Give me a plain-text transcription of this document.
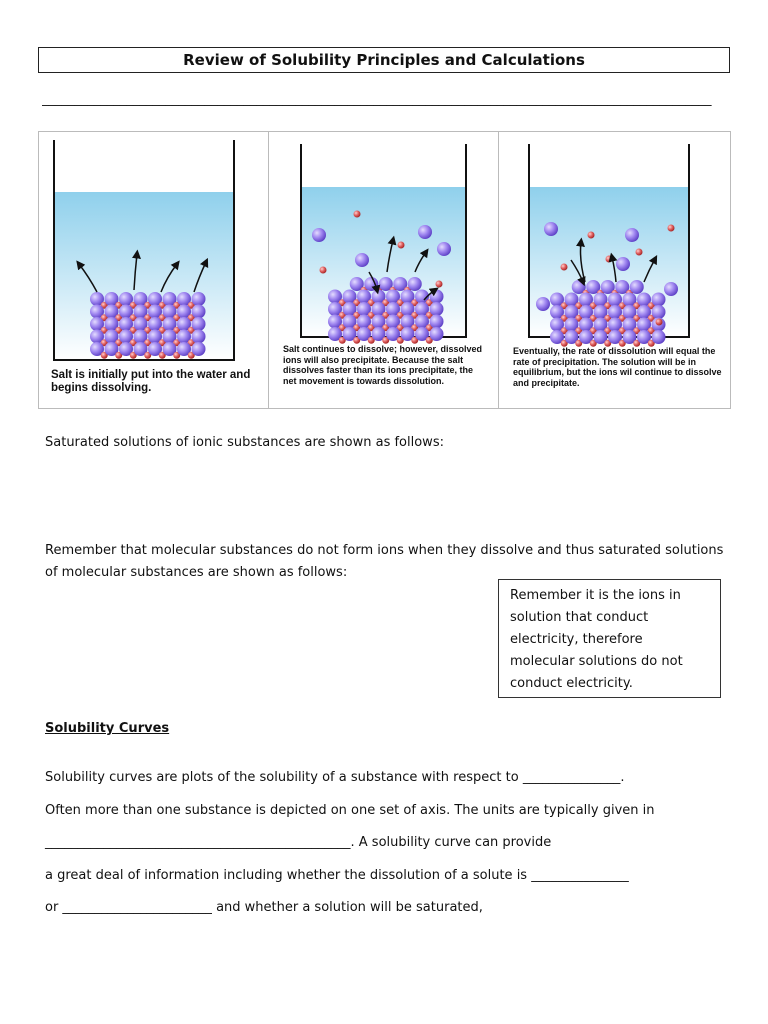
Review of Solubility Principles and Calculations
_______________________________________________________________________________________________________
Salt is initially put into the water and begins dissolving.
Salt continues to dissolve; however, dissolved ions will also precipitate. Because the salt dissolves faster than its ions precipitate, the net movement is towards dissolution.
Eventually, the rate of dissolution will equal the rate of precipitation. The solution will be in equilibrium, but the ions wil continue to dissolve and precipitate.
Saturated solutions of ionic substances are shown as follows:
Remember that molecular substances do not form ions when they dissolve and thus saturated solutions of molecular substances are shown as follows:
Remember it is the ions in solution that conduct electricity, therefore molecular solutions do not conduct electricity.
Solubility Curves
Solubility curves are plots of the solubility of a substance with respect to _______________.
Often more than one substance is depicted on one set of axis. The units are typically given in
_______________________________________________. A solubility curve can provide
a great deal of information including whether the dissolution of a solute is _______________
or _______________________ and whether a solution will be saturated,
